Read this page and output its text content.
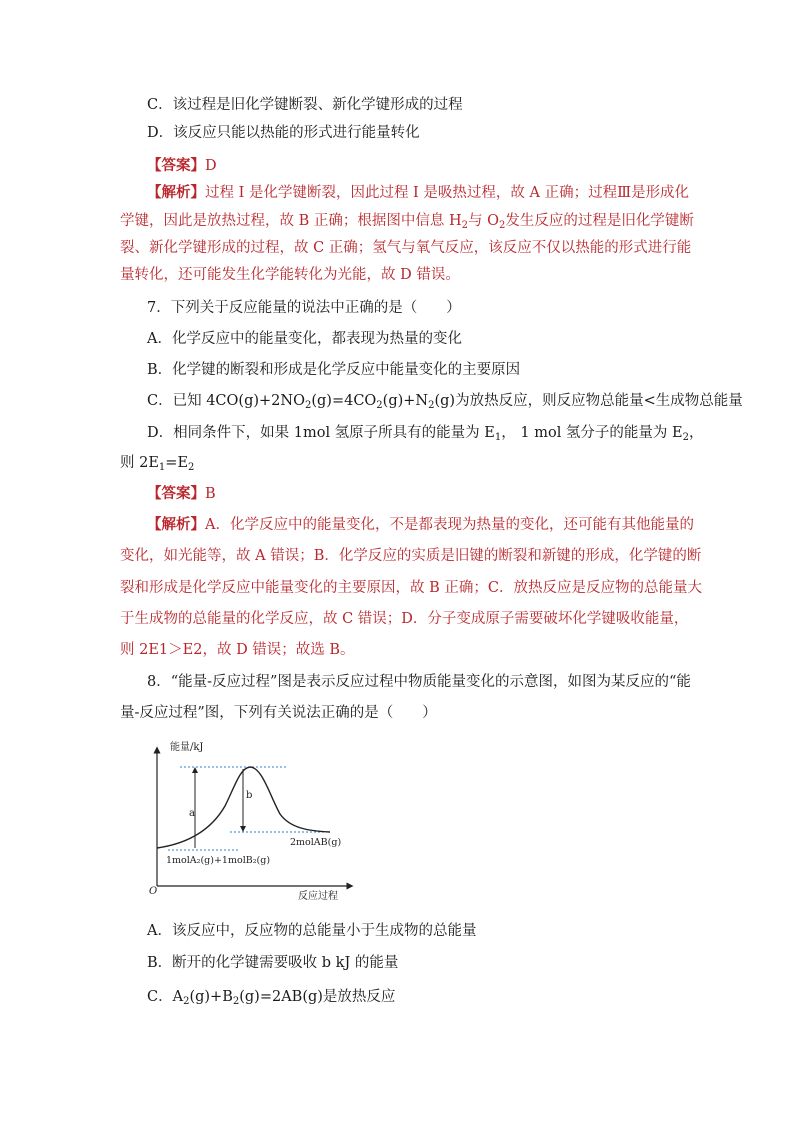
C．该过程是旧化学键断裂、新化学键形成的过程
D．该反应只能以热能的形式进行能量转化
【答案】D
【解析】过程 I 是化学键断裂，因此过程 I 是吸热过程，故 A 正确；过程Ⅲ是形成化
学键，因此是放热过程，故 B 正确；根据图中信息 $H_2$与 $O_2$发生反应的过程是旧化学键断
裂、新化学键形成的过程，故 C 正确；氢气与氧气反应，该反应不仅以热能的形式进行能
量转化，还可能发生化学能转化为光能，故 D 错误。
7．下列关于反应能量的说法中正确的是（　　）
A．化学反应中的能量变化，都表现为热量的变化
B．化学键的断裂和形成是化学反应中能量变化的主要原因
C．已知 $4CO(g)+2NO_2(g)=4CO_2(g)+N_2(g)$为放热反应，则反应物总能量<生成物总能量
D．相同条件下，如果 1mol 氢原子所具有的能量为 $E_1$， 1 mol 氢分子的能量为 $E_2$，
则 $2E_1=E_2$
【答案】B
【解析】A．化学反应中的能量变化，不是都表现为热量的变化，还可能有其他能量的
变化，如光能等，故 A 错误；B．化学反应的实质是旧键的断裂和新键的形成，化学键的断
裂和形成是化学反应中能量变化的主要原因，故 B 正确；C．放热反应是反应物的总能量大
于生成物的总能量的化学反应，故 C 错误；D．分子变成原子需要破坏化学键吸收能量，
则 2E1＞E2，故 D 错误；故选 B。
8．“能量-反应过程”图是表示反应过程中物质能量变化的示意图，如图为某反应的“能
量-反应过程”图，下列有关说法正确的是（　　）
能量/kJ
反应过程
O
a
b
1molA₂(g)+1molB₂(g)
2molAB(g)
A．该反应中，反应物的总能量小于生成物的总能量
B．断开的化学键需要吸收 b kJ 的能量
C．$A_2(g)+B_2(g)=2AB(g)$是放热反应
